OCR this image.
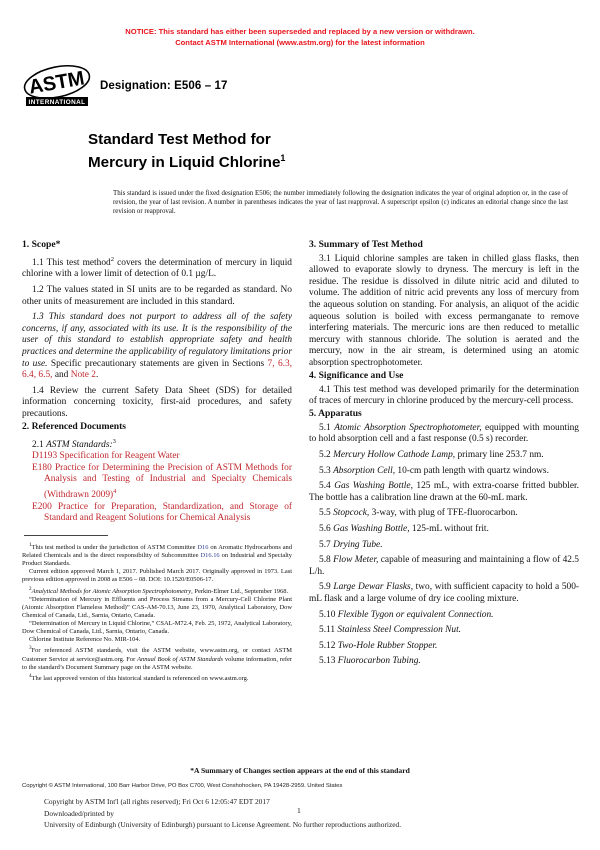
NOTICE: This standard has either been superseded and replaced by a new version or withdrawn.
Contact ASTM International (www.astm.org) for the latest information
ASTM
INTERNATIONAL
Designation: E506 – 17
Standard Test Method for
Mercury in Liquid Chlorine$^1$
This standard is issued under the fixed designation E506; the number immediately following the designation indicates the year of original adoption or, in the case of revision, the year of last revision. A number in parentheses indicates the year of last reapproval. A superscript epsilon (ε) indicates an editorial change since the last revision or reapproval.
1. Scope*

1.1 This test method$^2$ covers the determination of mercury in liquid chlorine with a lower limit of detection of 0.1 µg/L.

1.2 The values stated in SI units are to be regarded as standard. No other units of measurement are included in this standard.

1.3 This standard does not purport to address all of the safety concerns, if any, associated with its use. It is the responsibility of the user of this standard to establish appropriate safety and health practices and determine the applicability of regulatory limitations prior to use. Specific precautionary statements are given in Sections 7, 6.3, 6.4, 6.5, and Note 2.

1.4 Review the current Safety Data Sheet (SDS) for detailed information concerning toxicity, first-aid procedures, and safety precautions.

2. Referenced Documents

2.1 ASTM Standards:$^3$

D1193 Specification for Reagent Water

E180 Practice for Determining the Precision of ASTM Methods for Analysis and Testing of Industrial and Specialty Chemicals (Withdrawn 2009)$^4$

E200 Practice for Preparation, Standardization, and Storage of Standard and Reagent Solutions for Chemical Analysis

$^1$This test method is under the jurisdiction of ASTM Committee D16 on Aromatic Hydrocarbons and Related Chemicals and is the direct responsibility of Subcommittee D16.16 on Industrial and Specialty Product Standards.

Current edition approved March 1, 2017. Published March 2017. Originally approved in 1973. Last previous edition approved in 2008 as E506 – 08. DOI: 10.1520/E0506-17.

$^2$Analytical Methods for Atomic Absorption Spectrophotometry, Perkin-Elmer Ltd., September 1968.

“Determination of Mercury in Effluents and Process Streams from a Mercury-Cell Chlorine Plant (Atomic Absorption Flameless Method)” CAS-AM-70.13, June 23, 1970, Analytical Laboratory, Dow Chemical of Canada, Ltd., Sarnia, Ontario, Canada.

“Determination of Mercury in Liquid Chlorine,” CSAL-M72.4, Feb. 25, 1972, Analytical Laboratory, Dow Chemical of Canada, Ltd., Sarnia, Ontario, Canada.

Chlorine Institute Reference No. MIR-104.

$^3$For referenced ASTM standards, visit the ASTM website, www.astm.org, or contact ASTM Customer Service at service@astm.org. For Annual Book of ASTM Standards volume information, refer to the standard’s Document Summary page on the ASTM website.

$^4$The last approved version of this historical standard is referenced on www.astm.org.

3. Summary of Test Method

3.1 Liquid chlorine samples are taken in chilled glass flasks, then allowed to evaporate slowly to dryness. The mercury is left in the residue. The residue is dissolved in dilute nitric acid and diluted to volume. The addition of nitric acid prevents any loss of mercury from the aqueous solution on standing. For analysis, an aliquot of the acidic aqueous solution is boiled with excess permanganate to remove interfering materials. The mercuric ions are then reduced to metallic mercury with stannous chloride. The solution is aerated and the mercury, now in the air stream, is determined using an atomic absorption spectrophotometer.

4. Significance and Use

4.1 This test method was developed primarily for the determination of traces of mercury in chlorine produced by the mercury-cell process.

5. Apparatus

5.1 Atomic Absorption Spectrophotometer, equipped with mounting to hold absorption cell and a fast response (0.5 s) recorder.

5.2 Mercury Hollow Cathode Lamp, primary line 253.7 nm.

5.3 Absorption Cell, 10-cm path length with quartz windows.

5.4 Gas Washing Bottle, 125 mL, with extra-coarse fritted bubbler. The bottle has a calibration line drawn at the 60-mL mark.

5.5 Stopcock, 3-way, with plug of TFE-fluorocarbon.

5.6 Gas Washing Bottle, 125-mL without frit.

5.7 Drying Tube.

5.8 Flow Meter, capable of measuring and maintaining a flow of 42.5 L/h.

5.9 Large Dewar Flasks, two, with sufficient capacity to hold a 500-mL flask and a large volume of dry ice cooling mixture.

5.10 Flexible Tygon or equivalent Connection.

5.11 Stainless Steel Compression Nut.

5.12 Two-Hole Rubber Stopper.

5.13 Fluorocarbon Tubing.

*A Summary of Changes section appears at the end of this standard
Copyright © ASTM International, 100 Barr Harbor Drive, PO Box C700, West Conshohocken, PA 19428-2959. United States
Copyright by ASTM Int'l (all rights reserved); Fri Oct 6 12:05:47 EDT 2017
Downloaded/printed by
University of Edinburgh (University of Edinburgh) pursuant to License Agreement. No further reproductions authorized.
1
